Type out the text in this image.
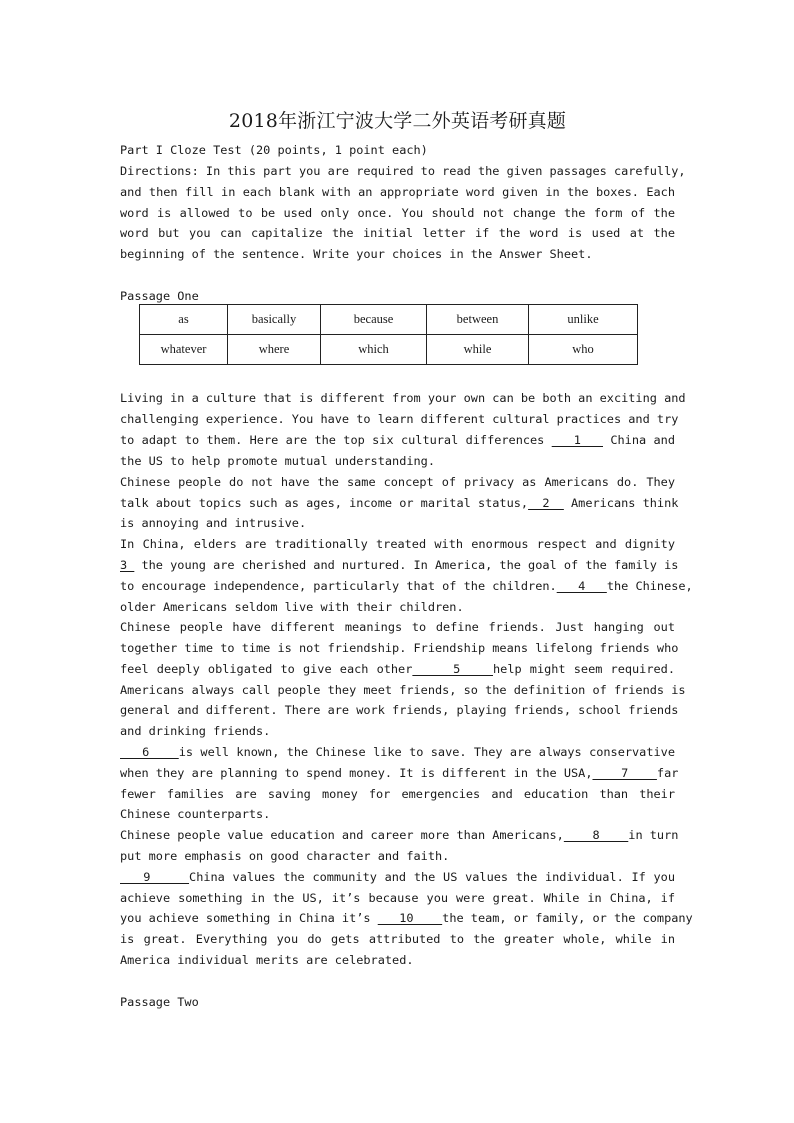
2018年浙江宁波大学二外英语考研真题
Part I Cloze Test (20 points, 1 point each)
Directions: In this part you are required to read the given passages carefully,
and then fill in each blank with an appropriate word given in the boxes. Each
word is allowed to be used only once. You should not change the form of the
word but you can capitalize the initial letter if the word is used at the
beginning of the sentence. Write your choices in the Answer Sheet.
Passage One
as	basically	because	between	unlike
whatever	where	which	while	who
Living in a culture that is different from your own can be both an exciting and
challenging experience. You have to learn different cultural practices and try
to adapt to them. Here are the top six cultural differences    1    China and
the US to help promote mutual understanding.
Chinese people do not have the same concept of privacy as Americans do. They
talk about topics such as ages, income or marital status,  2   Americans think
is annoying and intrusive.
In China, elders are traditionally treated with enormous respect and dignity
3  the young are cherished and nurtured. In America, the goal of the family is
to encourage independence, particularly that of the children.   4   the Chinese,
older Americans seldom live with their children.
Chinese people have different meanings to define friends. Just hanging out
together time to time is not friendship. Friendship means lifelong friends who
feel deeply obligated to give each other     5    help might seem required.
Americans always call people they meet friends, so the definition of friends is
general and different. There are work friends, playing friends, school friends
and drinking friends.
6    is well known, the Chinese like to save. They are always conservative
when they are planning to spend money. It is different in the USA,    7    far
fewer families are saving money for emergencies and education than their
Chinese counterparts.
Chinese people value education and career more than Americans,    8    in turn
put more emphasis on good character and faith.
9     China values the community and the US values the individual. If you
achieve something in the US, it’s because you were great. While in China, if
you achieve something in China it’s    10    the team, or family, or the company
is great. Everything you do gets attributed to the greater whole, while in
America individual merits are celebrated.
Passage Two
